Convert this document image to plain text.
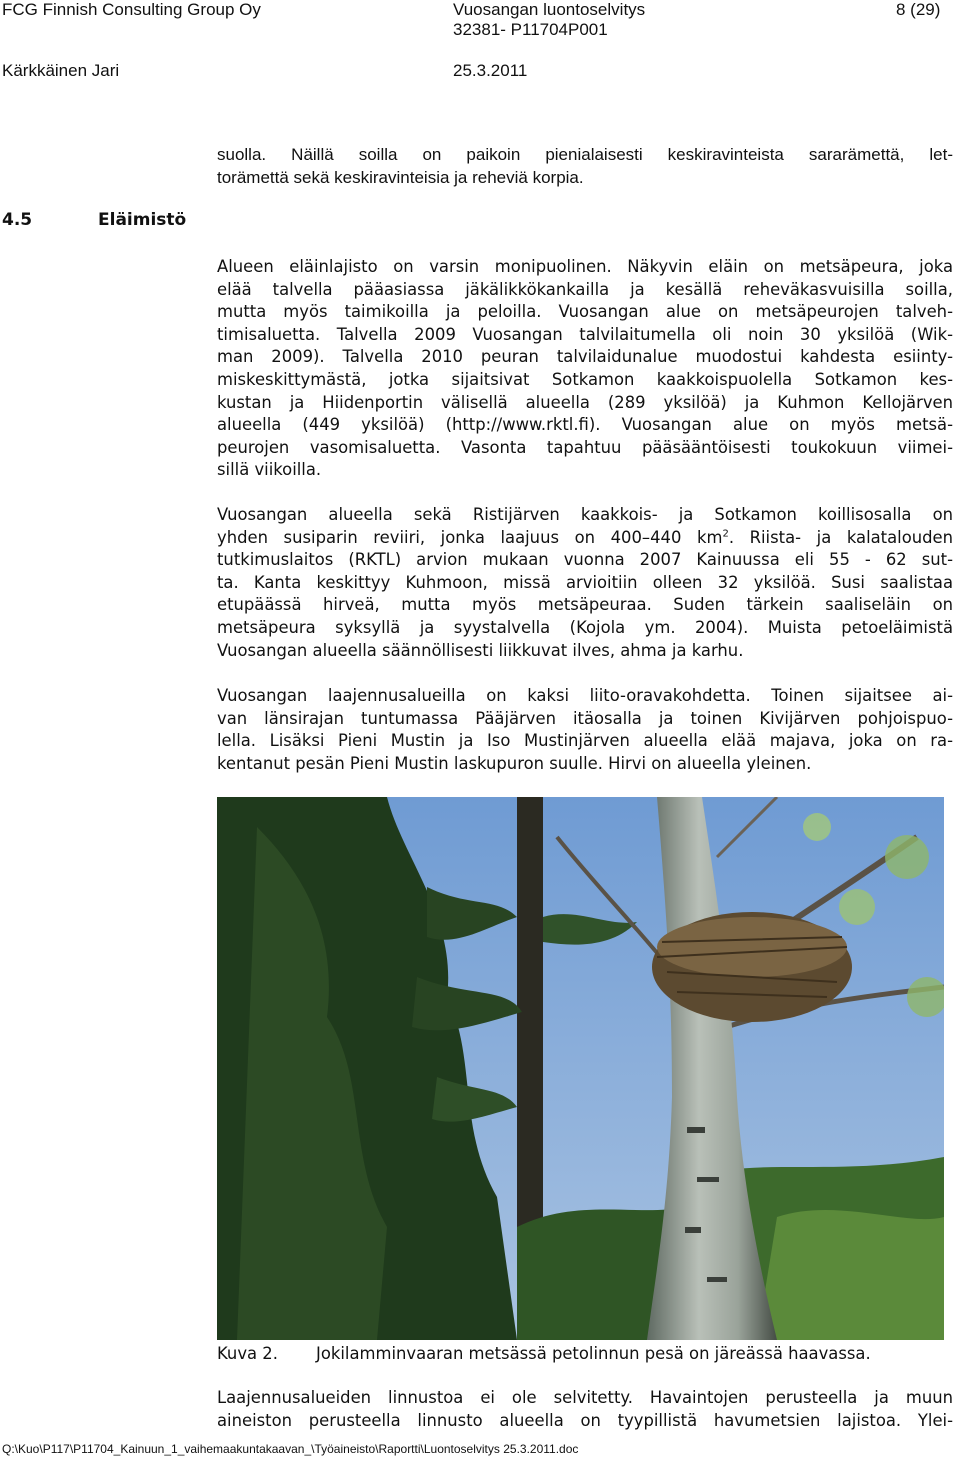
FCG Finnish Consulting Group Oy	Vuosangan luontoselvitys	8 (29)
32381- P11704P001
Kärkkäinen Jari	25.3.2011
suolla. Näillä soilla on paikoin pienialaisesti keskiravinteista sararämettä, let-
torämettä sekä keskiravinteisia ja reheviä korpia.
4.5	Eläimistö
Alueen eläinlajisto on varsin monipuolinen. Näkyvin eläin on metsäpeura, joka
elää talvella pääasiassa jäkälikkökankailla ja kesällä reheväkasvuisilla soilla,
mutta myös taimikoilla ja peloilla. Vuosangan alue on metsäpeurojen talveh-
timisaluetta. Talvella 2009 Vuosangan talvilaitumella oli noin 30 yksilöä (Wik-
man 2009). Talvella 2010 peuran talvilaidunalue muodostui kahdesta esiinty-
miskeskittymästä, jotka sijaitsivat Sotkamon kaakkoispuolella Sotkamon kes-
kustan ja Hiidenportin välisellä alueella (289 yksilöä) ja Kuhmon Kellojärven
alueella (449 yksilöä) (http://www.rktl.fi). Vuosangan alue on myös metsä-
peurojen vasomisaluetta. Vasonta tapahtuu pääsääntöisesti toukokuun viimei-
sillä viikoilla.
Vuosangan alueella sekä Ristijärven kaakkois- ja Sotkamon koillisosalla on
yhden susiparin reviiri, jonka laajuus on 400–440 $km^2$. Riista- ja kalatalouden
tutkimuslaitos (RKTL) arvion mukaan vuonna 2007 Kainuussa eli 55 - 62 sut-
ta. Kanta keskittyy Kuhmoon, missä arvioitiin olleen 32 yksilöä. Susi saalistaa
etupäässä hirveä, mutta myös metsäpeuraa. Suden tärkein saaliseläin on
metsäpeura syksyllä ja syystalvella (Kojola ym. 2004). Muista petoeläimistä
Vuosangan alueella säännöllisesti liikkuvat ilves, ahma ja karhu.
Vuosangan laajennusalueilla on kaksi liito-oravakohdetta. Toinen sijaitsee ai-
van länsirajan tuntumassa Pääjärven itäosalla ja toinen Kivijärven pohjoispuo-
lella. Lisäksi Pieni Mustin ja Iso Mustinjärven alueella elää majava, joka on ra-
kentanut pesän Pieni Mustin laskupuron suulle. Hirvi on alueella yleinen.
Kuva 2. Jokilamminvaaran metsässä petolinnun pesä on järeässä haavassa.
Laajennusalueiden linnustoa ei ole selvitetty. Havaintojen perusteella ja muun
aineiston perusteella linnusto alueella on tyypillistä havumetsien lajistoa. Ylei-
Q:\Kuo\P117\P11704_Kainuun_1_vaihemaakuntakaavan_\Työaineisto\Raportti\Luontoselvitys 25.3.2011.doc
